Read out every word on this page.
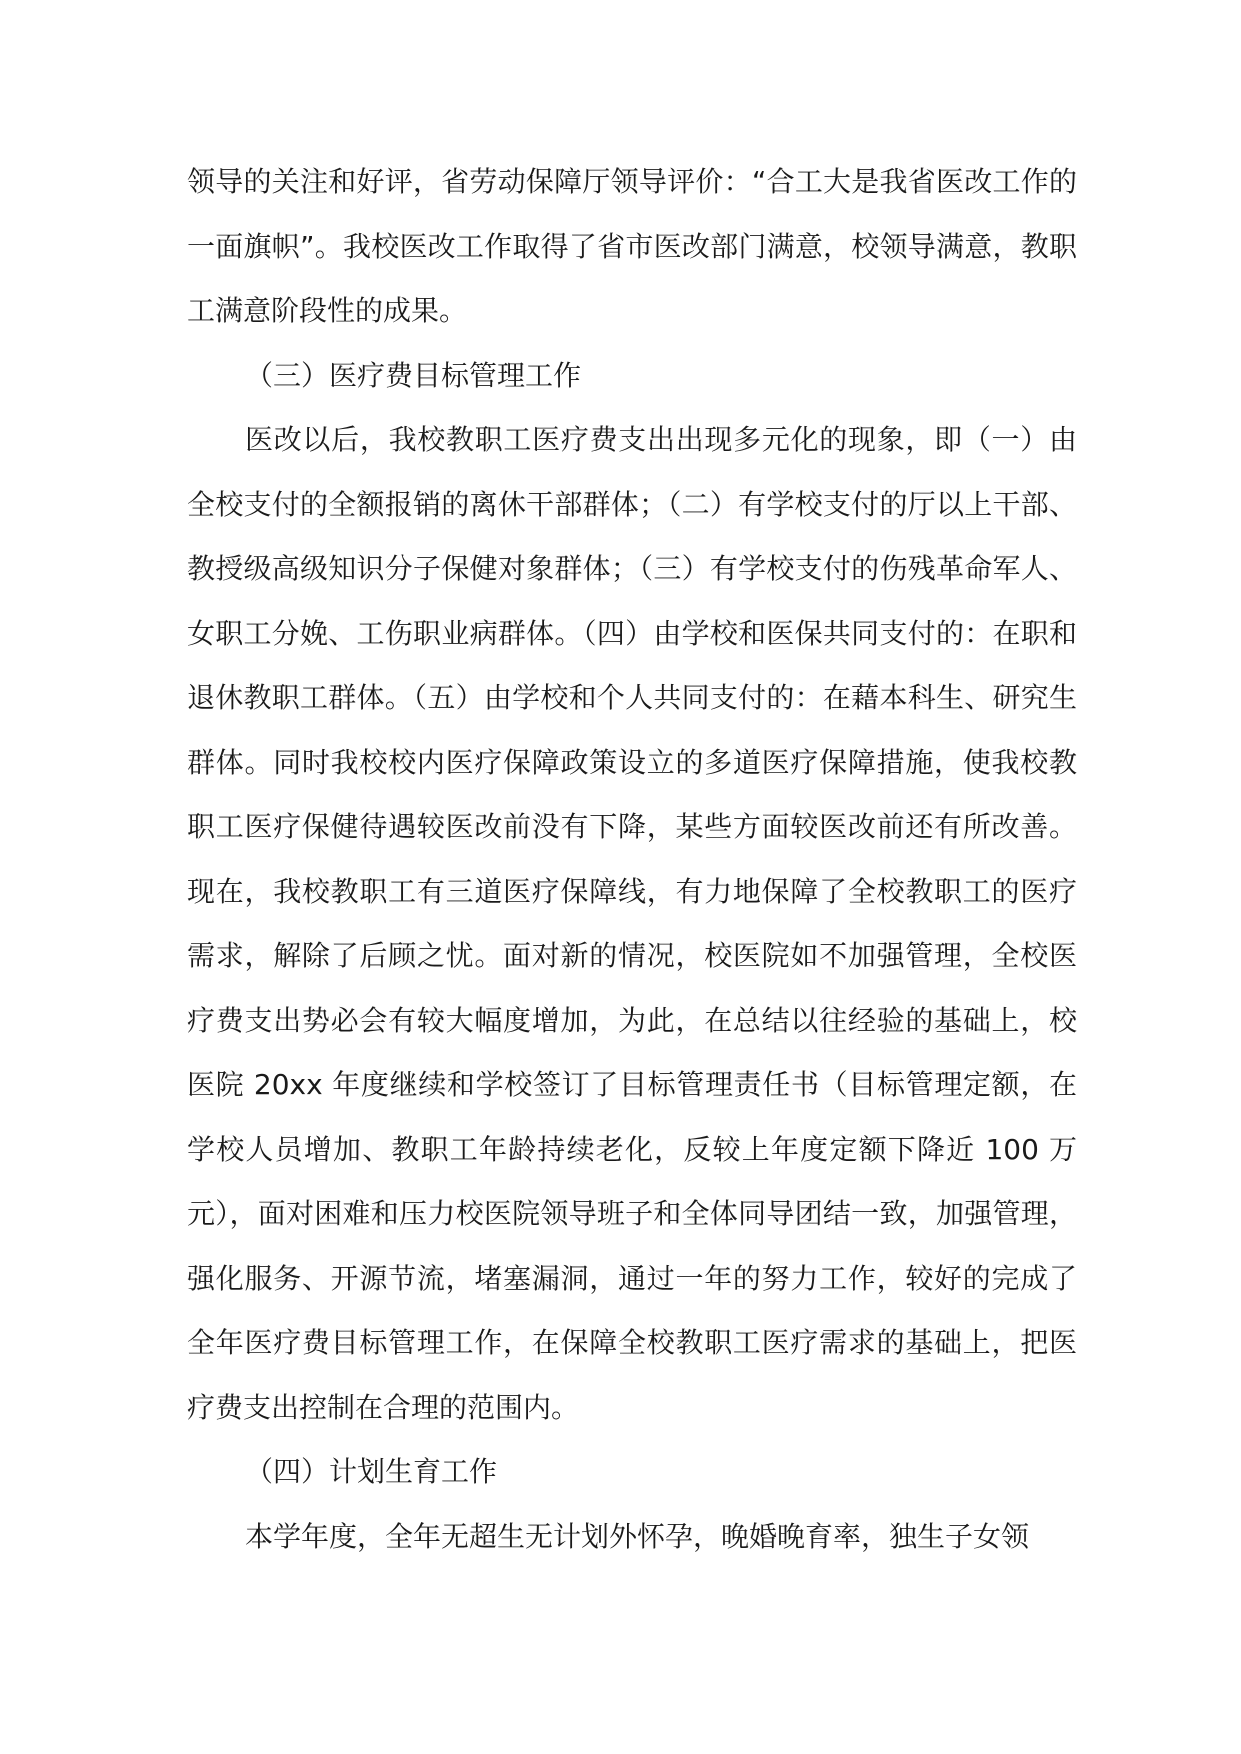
领导的关注和好评，省劳动保障厅领导评价：“合工大是我省医改工作的一面旗帜”。我校医改工作取得了省市医改部门满意，校领导满意，教职工满意阶段性的成果。

（三）医疗费目标管理工作

医改以后，我校教职工医疗费支出出现多元化的现象，即（一）由全校支付的全额报销的离休干部群体；（二）有学校支付的厅以上干部、教授级高级知识分子保健对象群体；（三）有学校支付的伤残革命军人、女职工分娩、工伤职业病群体。（四）由学校和医保共同支付的：在职和退休教职工群体。（五）由学校和个人共同支付的：在藉本科生、研究生群体。同时我校校内医疗保障政策设立的多道医疗保障措施，使我校教职工医疗保健待遇较医改前没有下降，某些方面较医改前还有所改善。现在，我校教职工有三道医疗保障线，有力地保障了全校教职工的医疗需求，解除了后顾之忧。面对新的情况，校医院如不加强管理，全校医疗费支出势必会有较大幅度增加，为此，在总结以往经验的基础上，校医院 20xx 年度继续和学校签订了目标管理责任书（目标管理定额，在学校人员增加、教职工年龄持续老化，反较上年度定额下降近 100 万元），面对困难和压力校医院领导班子和全体同导团结一致，加强管理，强化服务、开源节流，堵塞漏洞，通过一年的努力工作，较好的完成了全年医疗费目标管理工作，在保障全校教职工医疗需求的基础上，把医疗费支出控制在合理的范围内。

（四）计划生育工作

本学年度，全年无超生无计划外怀孕，晚婚晚育率，独生子女领
